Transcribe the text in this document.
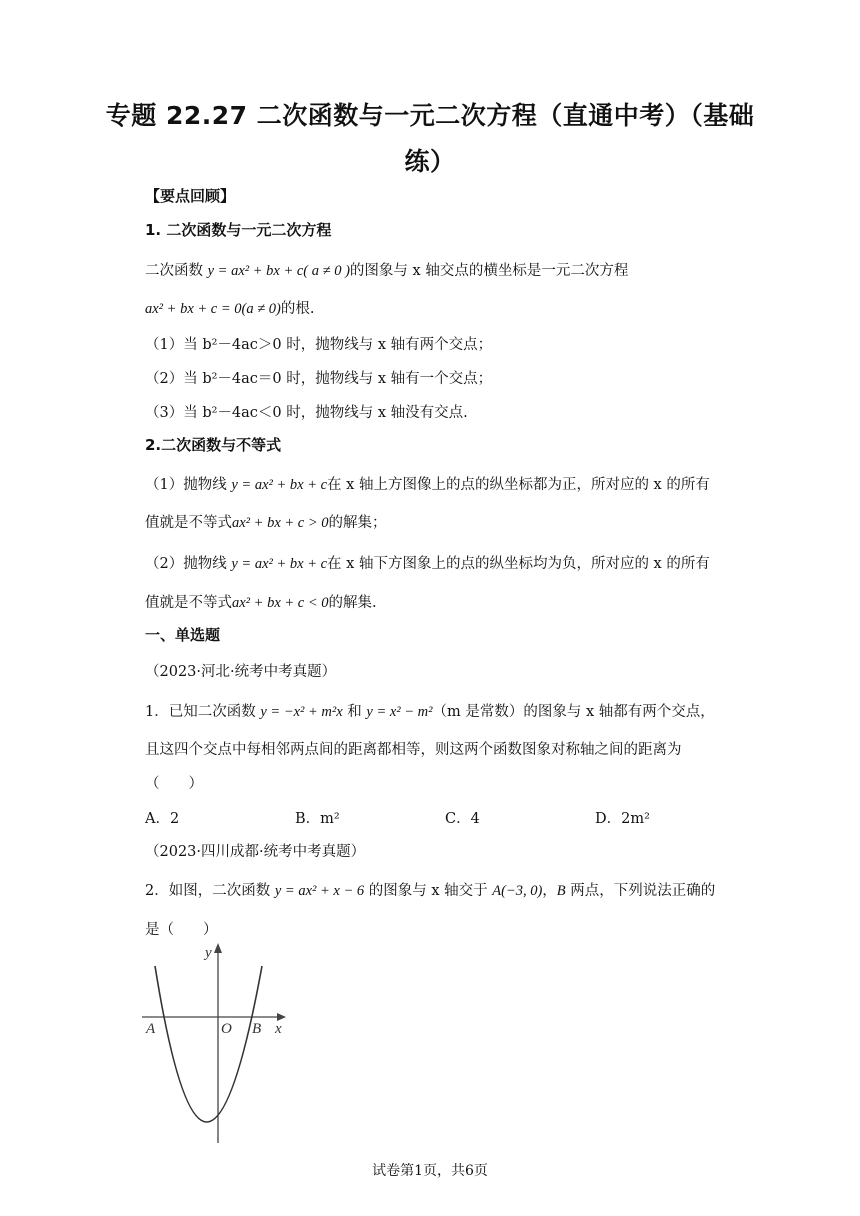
专题 22.27 二次函数与一元二次方程（直通中考）（基础
练）
【要点回顾】
1. 二次函数与一元二次方程
二次函数 y = ax² + bx + c( a ≠ 0 )的图象与 x 轴交点的横坐标是一元二次方程
ax² + bx + c = 0(a ≠ 0)的根.
（1）当 b²－4ac＞0 时，抛物线与 x 轴有两个交点；
（2）当 b²－4ac＝0 时，抛物线与 x 轴有一个交点；
（3）当 b²－4ac＜0 时，抛物线与 x 轴没有交点.
2.二次函数与不等式
（1）抛物线 y = ax² + bx + c在 x 轴上方图像上的点的纵坐标都为正，所对应的 x 的所有
值就是不等式ax² + bx + c > 0的解集；
（2）抛物线 y = ax² + bx + c在 x 轴下方图象上的点的纵坐标均为负，所对应的 x 的所有
值就是不等式ax² + bx + c < 0的解集.
一、单选题
（2023·河北·统考中考真题）
1．已知二次函数 y = −x² + m²x 和 y = x² − m²（m 是常数）的图象与 x 轴都有两个交点，
且这四个交点中每相邻两点间的距离都相等，则这两个函数图象对称轴之间的距离为
（　　）
A．2	B．m²	C．4	D．2m²
（2023·四川成都·统考中考真题）
2．如图，二次函数 y = ax² + x − 6 的图象与 x 轴交于 A(−3, 0)，B 两点，下列说法正确的
是（　　）
y
x
A	O B
试卷第1页，共6页
